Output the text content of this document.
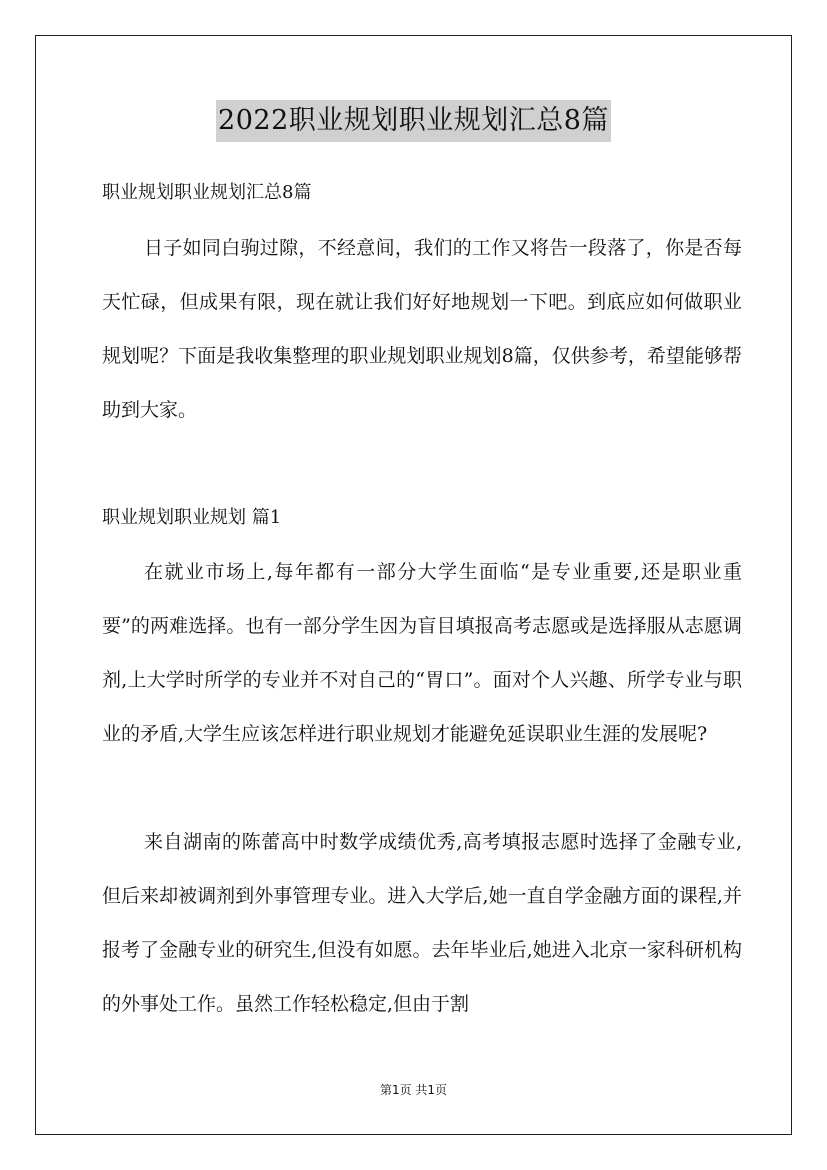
2022职业规划职业规划汇总8篇
职业规划职业规划汇总8篇

日子如同白驹过隙，不经意间，我们的工作又将告一段落了，你是否每天忙碌，但成果有限，现在就让我们好好地规划一下吧。到底应如何做职业规划呢？下面是我收集整理的职业规划职业规划8篇，仅供参考，希望能够帮助到大家。

职业规划职业规划 篇1

在就业市场上,每年都有一部分大学生面临“是专业重要,还是职业重要”的两难选择。也有一部分学生因为盲目填报高考志愿或是选择服从志愿调剂,上大学时所学的专业并不对自己的“胃口”。面对个人兴趣、所学专业与职业的矛盾,大学生应该怎样进行职业规划才能避免延误职业生涯的发展呢?

来自湖南的陈蕾高中时数学成绩优秀,高考填报志愿时选择了金融专业,但后来却被调剂到外事管理专业。进入大学后,她一直自学金融方面的课程,并报考了金融专业的研究生,但没有如愿。去年毕业后,她进入北京一家科研机构的外事处工作。虽然工作轻松稳定,但由于割

第1页 共1页
